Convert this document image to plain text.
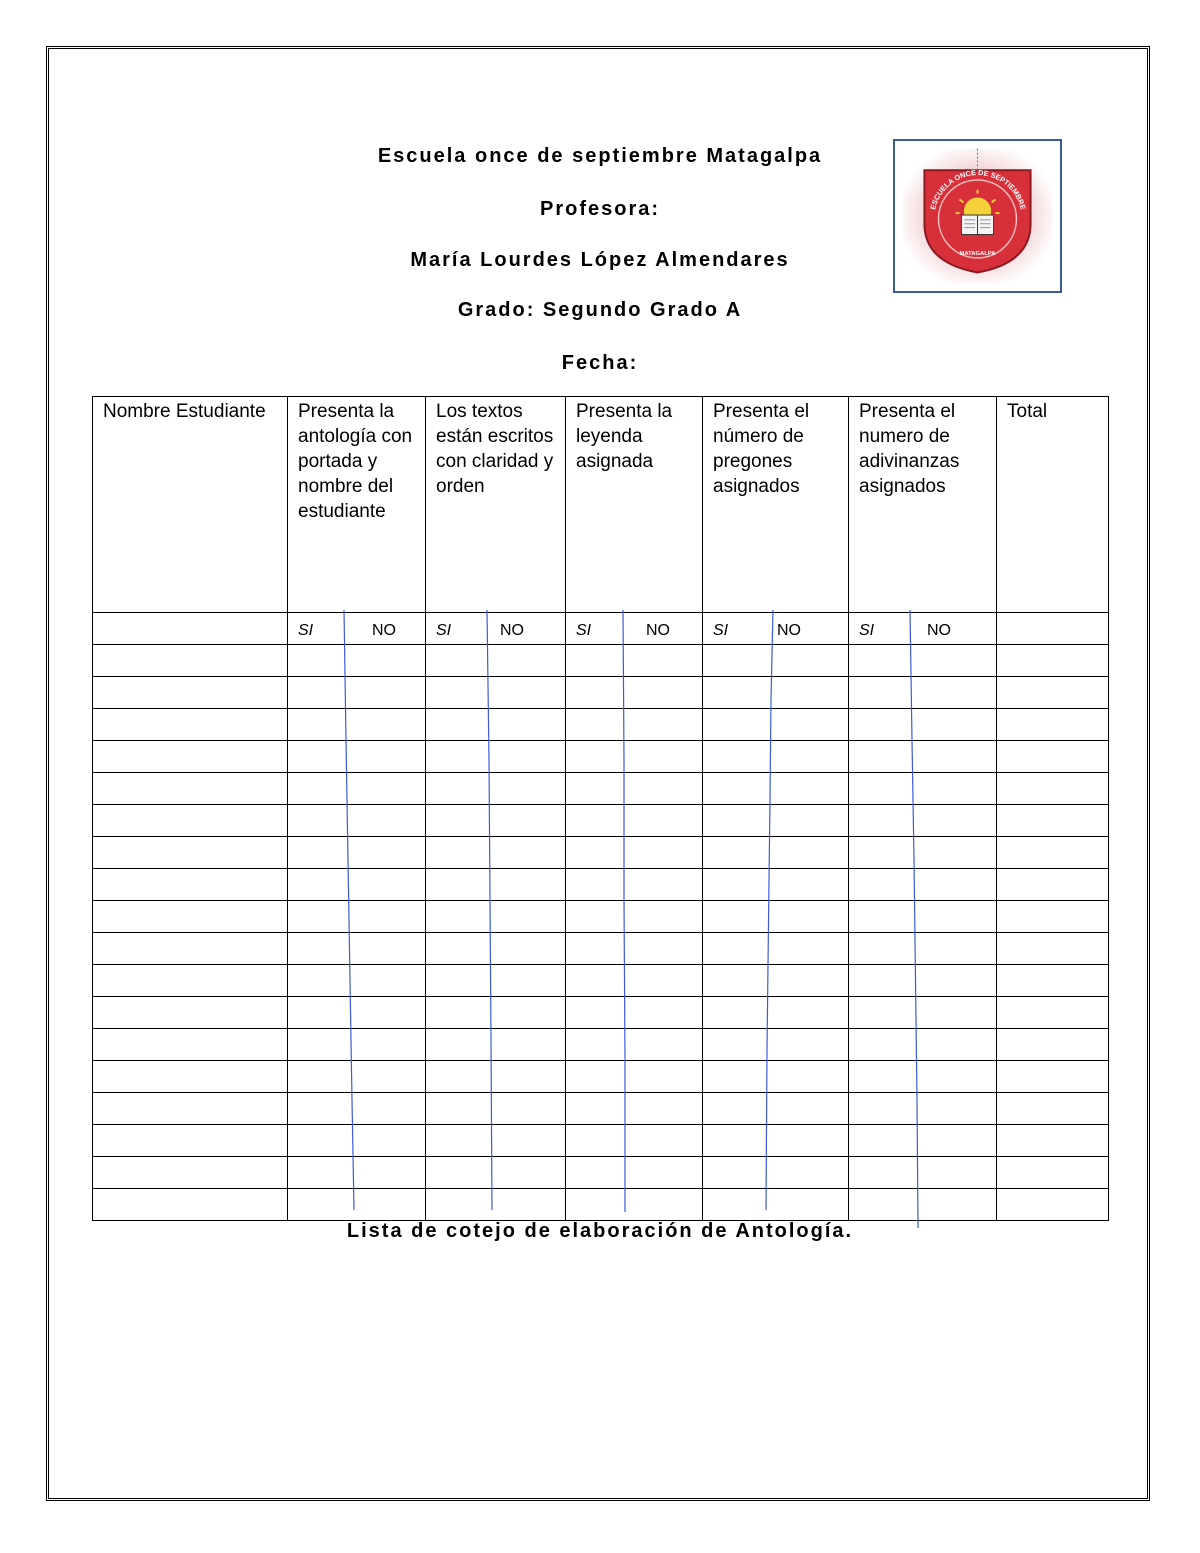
Escuela once de septiembre Matagalpa

Profesora:

María Lourdes López Almendares

Grado: Segundo Grado A

Fecha:

ESCUELA ONCE DE SEPTIEMBRE
MATAGALPA
Nombre Estudiante	Presenta la antología con portada y nombre del estudiante	Los textos están escritos con claridad y orden	Presenta la leyenda asignada	Presenta el número de pregones asignados	Presenta el numero de adivinanzas asignados	Total

	SI NO	SI NO	SI NO	SI NO	SI NO	

Lista de cotejo de elaboración de Antología.
